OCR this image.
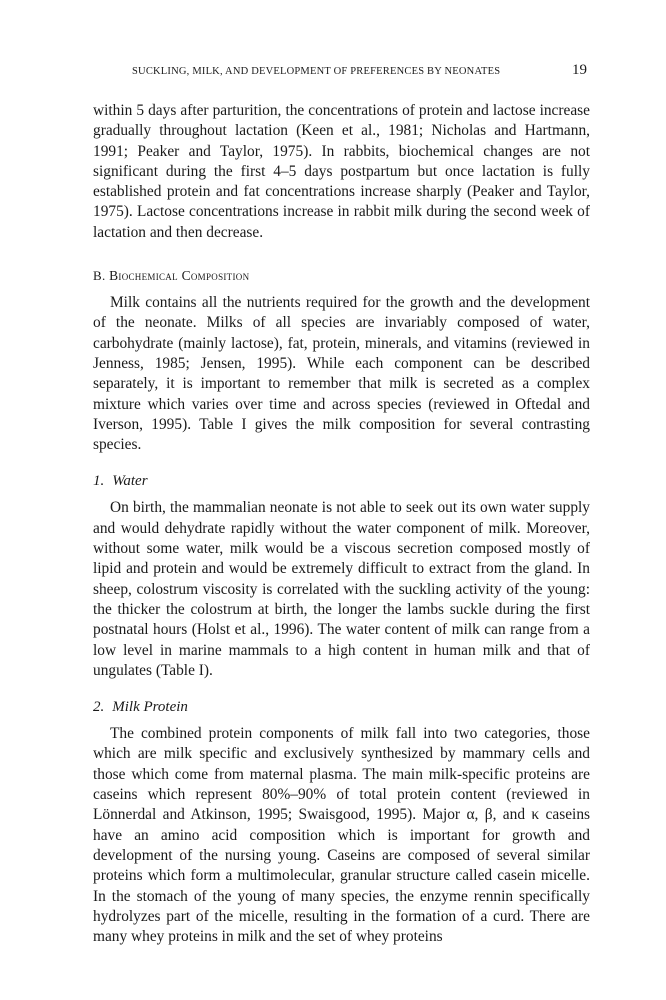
SUCKLING, MILK, AND DEVELOPMENT OF PREFERENCES BY NEONATES	19

within 5 days after parturition, the concentrations of protein and lactose increase gradually throughout lactation (Keen et al., 1981; Nicholas and Hartmann, 1991; Peaker and Taylor, 1975). In rabbits, biochemical changes are not significant during the first 4–5 days postpartum but once lactation is fully established protein and fat concentrations increase sharply (Peaker and Taylor, 1975). Lactose concentrations increase in rabbit milk during the second week of lactation and then decrease.

B. Biochemical Composition

Milk contains all the nutrients required for the growth and the development of the neonate. Milks of all species are invariably composed of water, carbohydrate (mainly lactose), fat, protein, minerals, and vitamins (reviewed in Jenness, 1985; Jensen, 1995). While each component can be described separately, it is important to remember that milk is secreted as a complex mixture which varies over time and across species (reviewed in Oftedal and Iverson, 1995). Table I gives the milk composition for several contrasting species.

1. Water

On birth, the mammalian neonate is not able to seek out its own water supply and would dehydrate rapidly without the water component of milk. Moreover, without some water, milk would be a viscous secretion composed mostly of lipid and protein and would be extremely difficult to extract from the gland. In sheep, colostrum viscosity is correlated with the suckling activity of the young: the thicker the colostrum at birth, the longer the lambs suckle during the first postnatal hours (Holst et al., 1996). The water content of milk can range from a low level in marine mammals to a high content in human milk and that of ungulates (Table I).

2. Milk Protein

The combined protein components of milk fall into two categories, those which are milk specific and exclusively synthesized by mammary cells and those which come from maternal plasma. The main milk-specific proteins are caseins which represent 80%–90% of total protein content (reviewed in Lönnerdal and Atkinson, 1995; Swaisgood, 1995). Major α, β, and κ caseins have an amino acid composition which is important for growth and development of the nursing young. Caseins are composed of several similar proteins which form a multimolecular, granular structure called casein micelle. In the stomach of the young of many species, the enzyme rennin specifically hydrolyzes part of the micelle, resulting in the formation of a curd. There are many whey proteins in milk and the set of whey proteins
